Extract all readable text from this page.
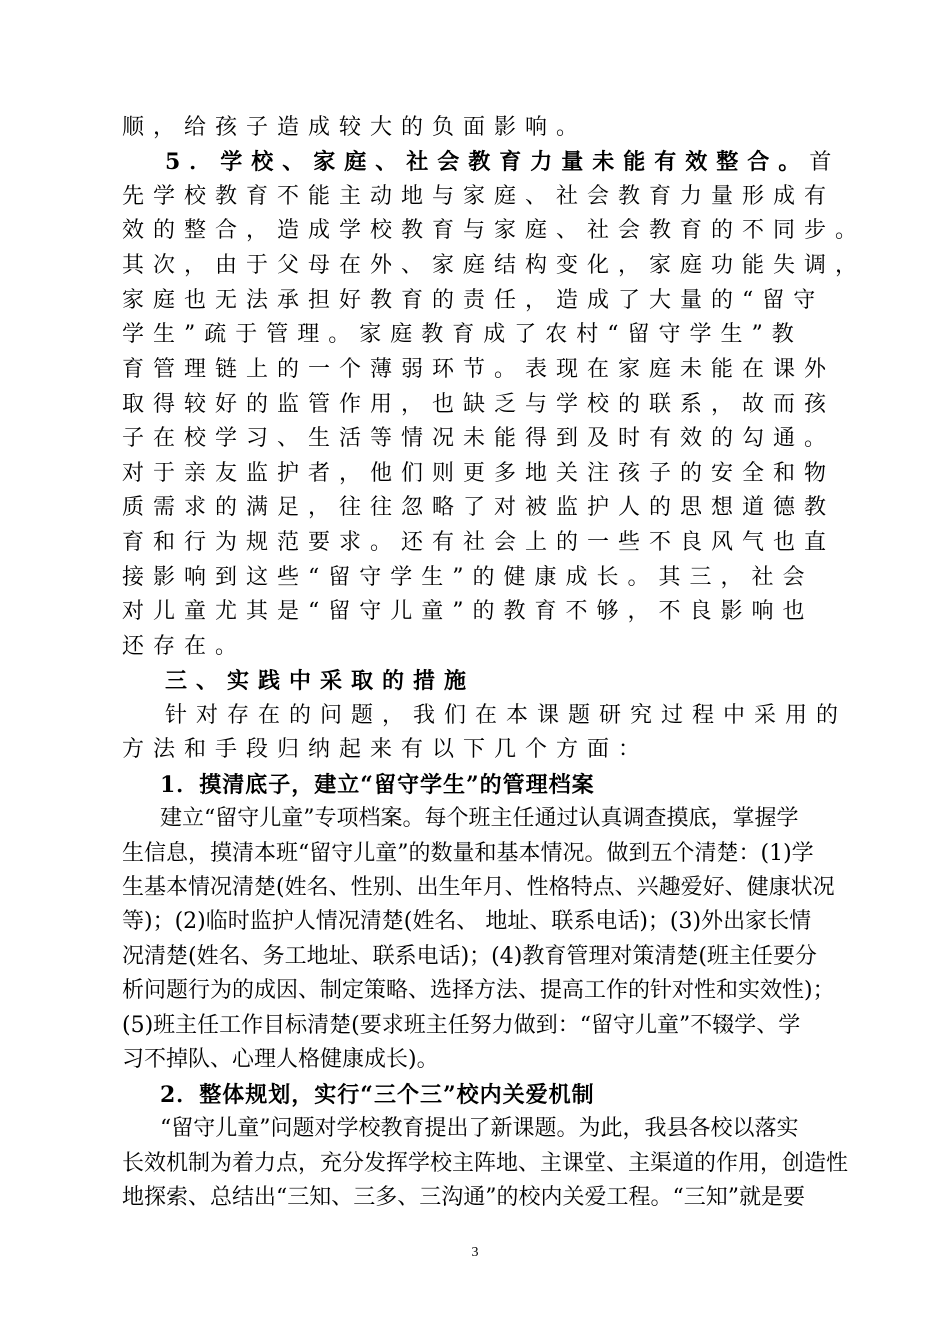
顺，给孩子造成较大的负面影响。
5．学校、家庭、社会教育力量未能有效整合。首
先学校教育不能主动地与家庭、社会教育力量形成有
效的整合，造成学校教育与家庭、社会教育的不同步。
其次，由于父母在外、家庭结构变化，家庭功能失调，
家庭也无法承担好教育的责任，造成了大量的“留守
学生”疏于管理。家庭教育成了农村“留守学生”教
育管理链上的一个薄弱环节。表现在家庭未能在课外
取得较好的监管作用，也缺乏与学校的联系，故而孩
子在校学习、生活等情况未能得到及时有效的勾通。
对于亲友监护者，他们则更多地关注孩子的安全和物
质需求的满足，往往忽略了对被监护人的思想道德教
育和行为规范要求。还有社会上的一些不良风气也直
接影响到这些“留守学生”的健康成长。其三，社会
对儿童尤其是“留守儿童”的教育不够，不良影响也
还存在。
三、实践中采取的措施
针对存在的问题，我们在本课题研究过程中采用的
方法和手段归纳起来有以下几个方面：
1．摸清底子，建立“留守学生”的管理档案
建立“留守儿童”专项档案。每个班主任通过认真调查摸底，掌握学
生信息，摸清本班“留守儿童”的数量和基本情况。做到五个清楚：(1)学
生基本情况清楚(姓名、性别、出生年月、性格特点、兴趣爱好、健康状况
等)；(2)临时监护人情况清楚(姓名、 地址、联系电话)；(3)外出家长情
况清楚(姓名、务工地址、联系电话)；(4)教育管理对策清楚(班主任要分
析问题行为的成因、制定策略、选择方法、提高工作的针对性和实效性)；
(5)班主任工作目标清楚(要求班主任努力做到：“留守儿童”不辍学、学
习不掉队、心理人格健康成长)。
2．整体规划，实行“三个三”校内关爱机制
“留守儿童”问题对学校教育提出了新课题。为此，我县各校以落实
长效机制为着力点，充分发挥学校主阵地、主课堂、主渠道的作用，创造性
地探索、总结出“三知、三多、三沟通”的校内关爱工程。“三知”就是要
3
